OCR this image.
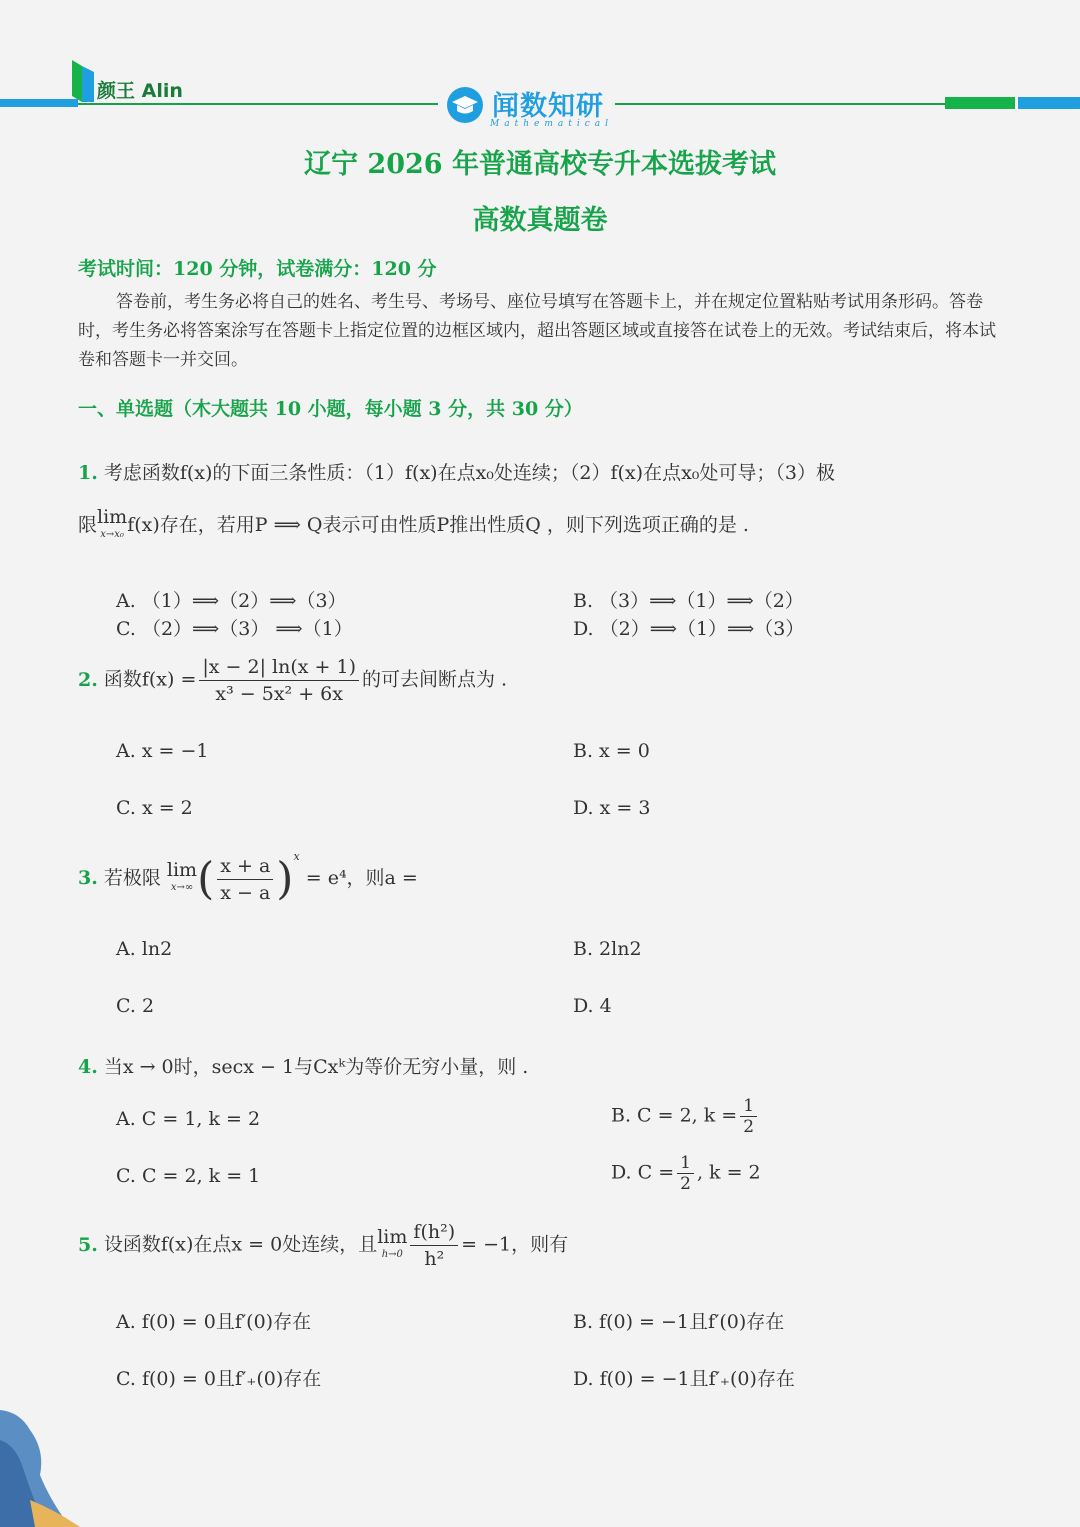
颜王 Alin	闻数知研
Mathematical
辽宁 2026 年普通高校专升本选拔考试
高数真题卷
考试时间：120 分钟，试卷满分：120 分
答卷前，考生务必将自己的姓名、考生号、考场号、座位号填写在答题卡上，并在规定位置粘贴考试用条形码。答卷时，考生务必将答案涂写在答题卡上指定位置的边框区域内，超出答题区域或直接答在试卷上的无效。考试结束后，将本试卷和答题卡一并交回。
一、单选题（木大题共 10 小题，每小题 3 分，共 30 分）
1. 考虑函数f(x)的下面三条性质：（1）f(x)在点x₀处连续；（2）f(x)在点x₀处可导；（3）极
限lim
x→x₀ f(x)存在，若用P ⟹ Q表示可由性质P推出性质Q ，则下列选项正确的是 .
A. （1）⟹（2）⟹（3）	B. （3）⟹（1）⟹（2）
C. （2）⟹（3） ⟹（1）	D. （2）⟹（1）⟹（3）
2. 函数$f(x) = \frac{|x - 2| \ln(x + 1)}{\text{x³ − 5x² + 6x}}$ 的可去间断点为 .
A. x = −1	B. x = 0
C. x = 2	D. x = 3
3. 若极限 lim
x→∞ ( $\frac{x + a}{x - a} )^x = e^4$，则a =
A. ln2	B. 2ln2
C. 2	D. 4
4. 当x → 0时，secx − 1与Cxᵏ为等价无穷小量，则 .
A. C = 1, k = 2	B. C = 2, $k = \frac{1}{2}$
C. C = 2, k = 1	D. $C = \frac{1}{2}$ , k = 2
5. 设函数f(x)在点x = 0处连续，且lim
$h\to 0 \frac{\text{f(h²)}}{\text{h²}} = -1$，则有
A. f(0) = 0且f′(0)存在	B. f(0) = −1且f′(0)存在
C. f(0) = 0且f′₊(0)存在	D. f(0) = −1且f′₊(0)存在
